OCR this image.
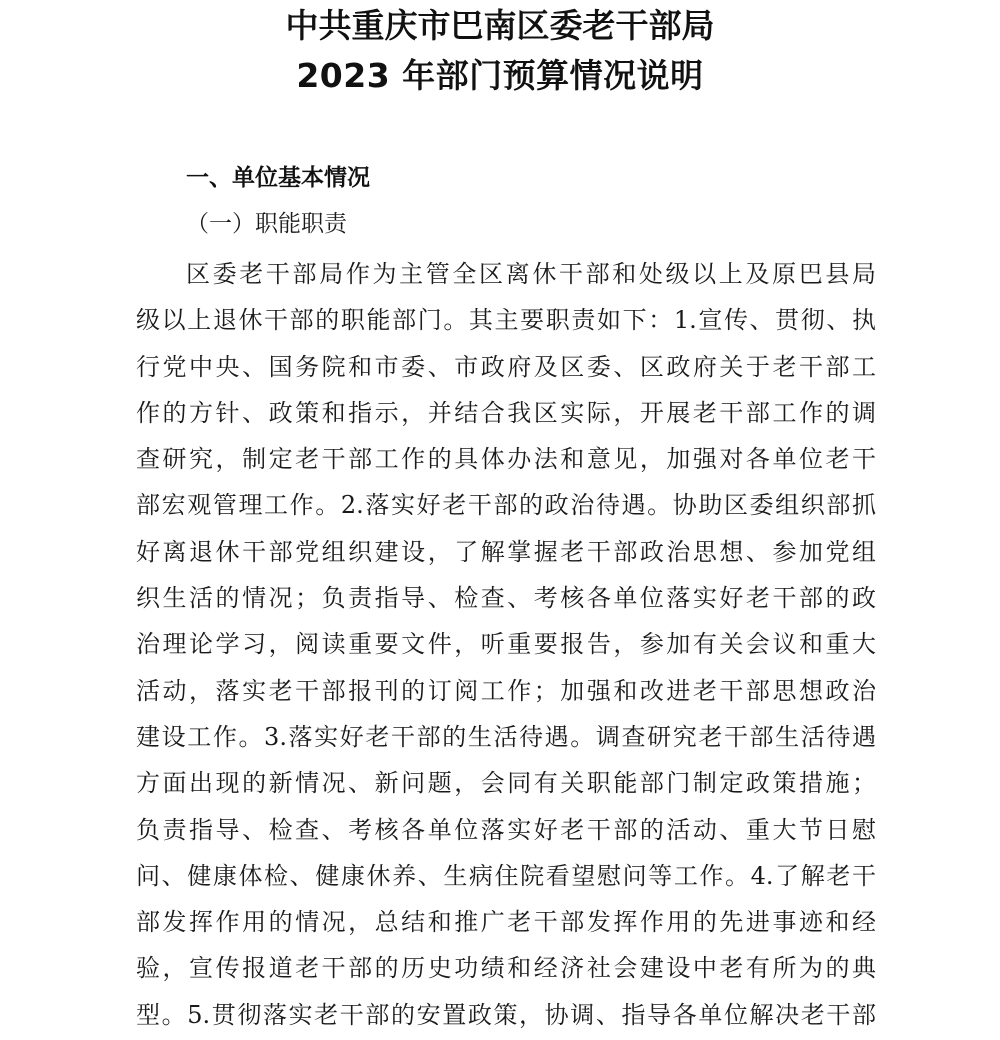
中共重庆市巴南区委老干部局
2023 年部门预算情况说明
一、单位基本情况
（一）职能职责
区委老干部局作为主管全区离休干部和处级以上及原巴县局
级以上退休干部的职能部门。其主要职责如下：1.宣传、贯彻、执
行党中央、国务院和市委、市政府及区委、区政府关于老干部工
作的方针、政策和指示，并结合我区实际，开展老干部工作的调
查研究，制定老干部工作的具体办法和意见，加强对各单位老干
部宏观管理工作。2.落实好老干部的政治待遇。协助区委组织部抓
好离退休干部党组织建设，了解掌握老干部政治思想、参加党组
织生活的情况；负责指导、检查、考核各单位落实好老干部的政
治理论学习，阅读重要文件，听重要报告，参加有关会议和重大
活动，落实老干部报刊的订阅工作；加强和改进老干部思想政治
建设工作。3.落实好老干部的生活待遇。调查研究老干部生活待遇
方面出现的新情况、新问题，会同有关职能部门制定政策措施；
负责指导、检查、考核各单位落实好老干部的活动、重大节日慰
问、健康体检、健康休养、生病住院看望慰问等工作。4.了解老干
部发挥作用的情况，总结和推广老干部发挥作用的先进事迹和经
验，宣传报道老干部的历史功绩和经济社会建设中老有所为的典
型。5.贯彻落实老干部的安置政策，协调、指导各单位解决老干部
